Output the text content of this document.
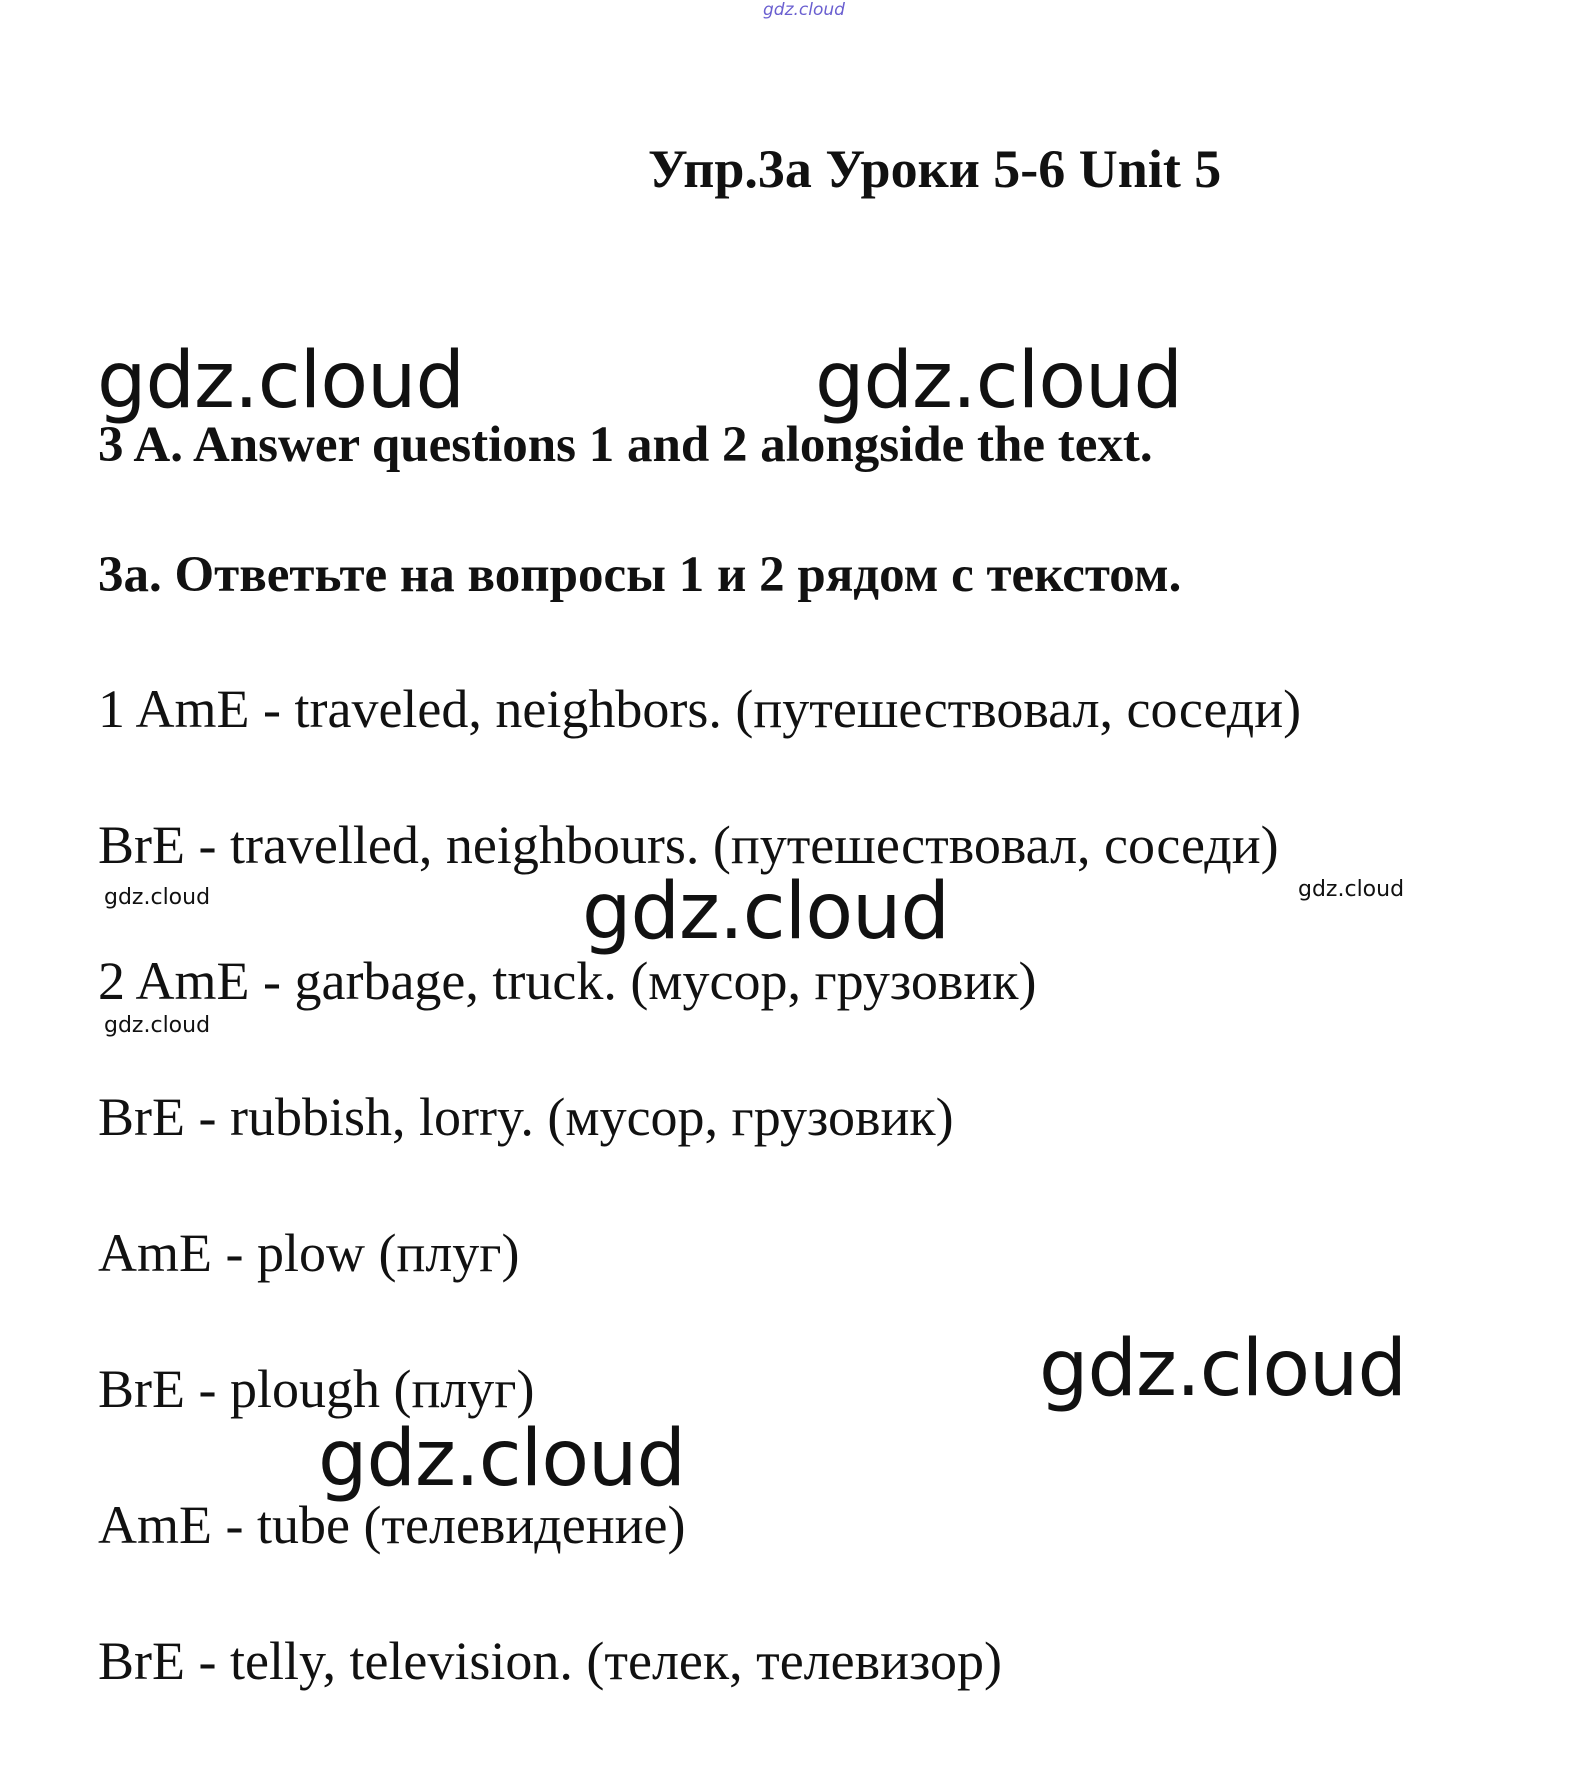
gdz.cloud
Упр.3a Уроки 5-6 Unit 5
gdz.cloud	gdz.cloud
3 A. Answer questions 1 and 2 alongside the text.
3a. Ответьте на вопросы 1 и 2 рядом с текстом.
1 AmE - traveled, neighbors. (путешествовал, соседи)
BrE - travelled, neighbours. (путешествовал, соседи)
gdz.cloud	gdz.cloud
gdz.cloud
2 AmE - garbage, truck. (мусор, грузовик)
gdz.cloud
BrE - rubbish, lorry. (мусор, грузовик)
AmE - plow (плуг)
gdz.cloud
BrE - plough (плуг)
gdz.cloud
AmE - tube (телевидение)
BrE - telly, television. (телек, телевизор)
